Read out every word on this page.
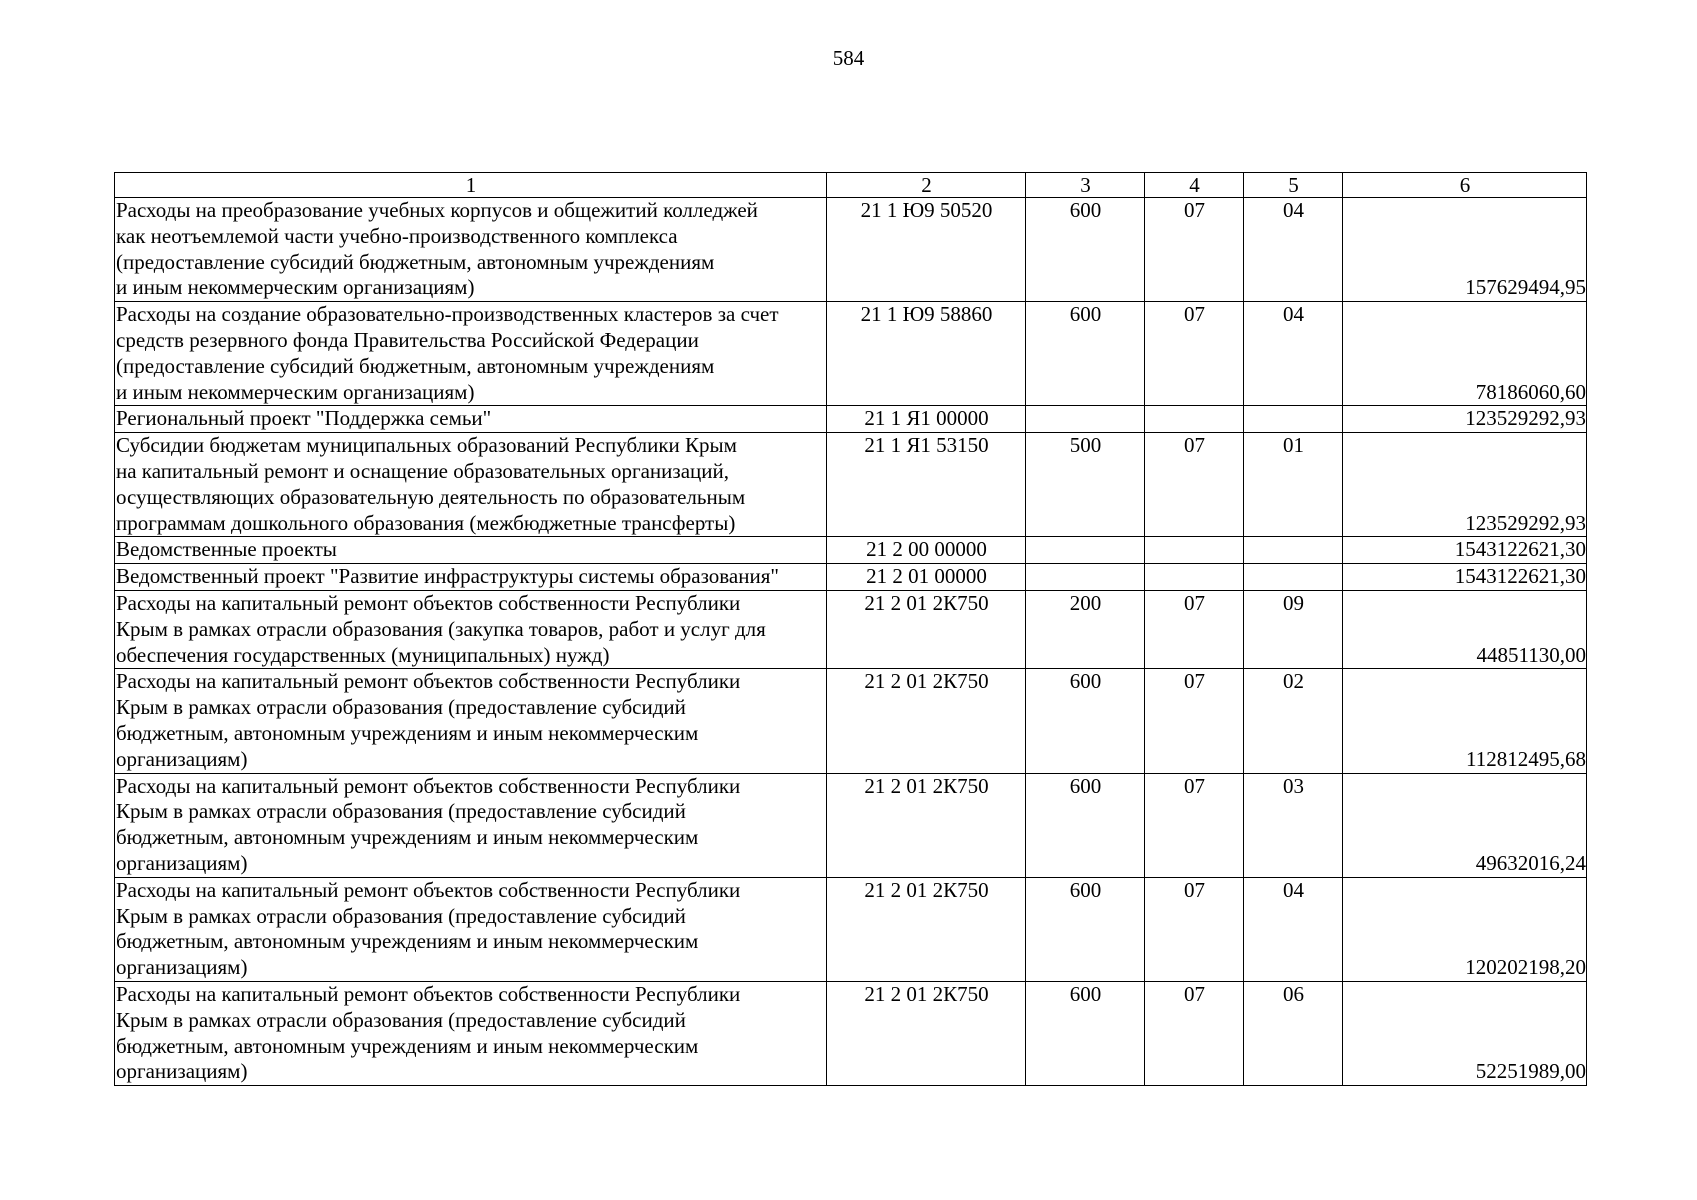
584
1	2	3	4	5	6
Расходы на преобразование учебных корпусов и общежитий колледжей
как неотъемлемой части учебно-производственного комплекса
(предоставление субсидий бюджетным, автономным учреждениям
и иным некоммерческим организациям)	21 1 Ю9 50520	600	07	04	157629494,95
Расходы на создание образовательно-производственных кластеров за счет
средств резервного фонда Правительства Российской Федерации
(предоставление субсидий бюджетным, автономным учреждениям
и иным некоммерческим организациям)	21 1 Ю9 58860	600	07	04	78186060,60
Региональный проект "Поддержка семьи"	21 1 Я1 00000				123529292,93
Субсидии бюджетам муниципальных образований Республики Крым
на капитальный ремонт и оснащение образовательных организаций,
осуществляющих образовательную деятельность по образовательным
программам дошкольного образования (межбюджетные трансферты)	21 1 Я1 53150	500	07	01	123529292,93
Ведомственные проекты	21 2 00 00000				1543122621,30
Ведомственный проект "Развитие инфраструктуры системы образования"	21 2 01 00000				1543122621,30
Расходы на капитальный ремонт объектов собственности Республики
Крым в рамках отрасли образования (закупка товаров, работ и услуг для
обеспечения государственных (муниципальных) нужд)	21 2 01 2К750	200	07	09	44851130,00
Расходы на капитальный ремонт объектов собственности Республики
Крым в рамках отрасли образования (предоставление субсидий
бюджетным, автономным учреждениям и иным некоммерческим
организациям)	21 2 01 2К750	600	07	02	112812495,68
Расходы на капитальный ремонт объектов собственности Республики
Крым в рамках отрасли образования (предоставление субсидий
бюджетным, автономным учреждениям и иным некоммерческим
организациям)	21 2 01 2К750	600	07	03	49632016,24
Расходы на капитальный ремонт объектов собственности Республики
Крым в рамках отрасли образования (предоставление субсидий
бюджетным, автономным учреждениям и иным некоммерческим
организациям)	21 2 01 2К750	600	07	04	120202198,20
Расходы на капитальный ремонт объектов собственности Республики
Крым в рамках отрасли образования (предоставление субсидий
бюджетным, автономным учреждениям и иным некоммерческим
организациям)	21 2 01 2К750	600	07	06	52251989,00
